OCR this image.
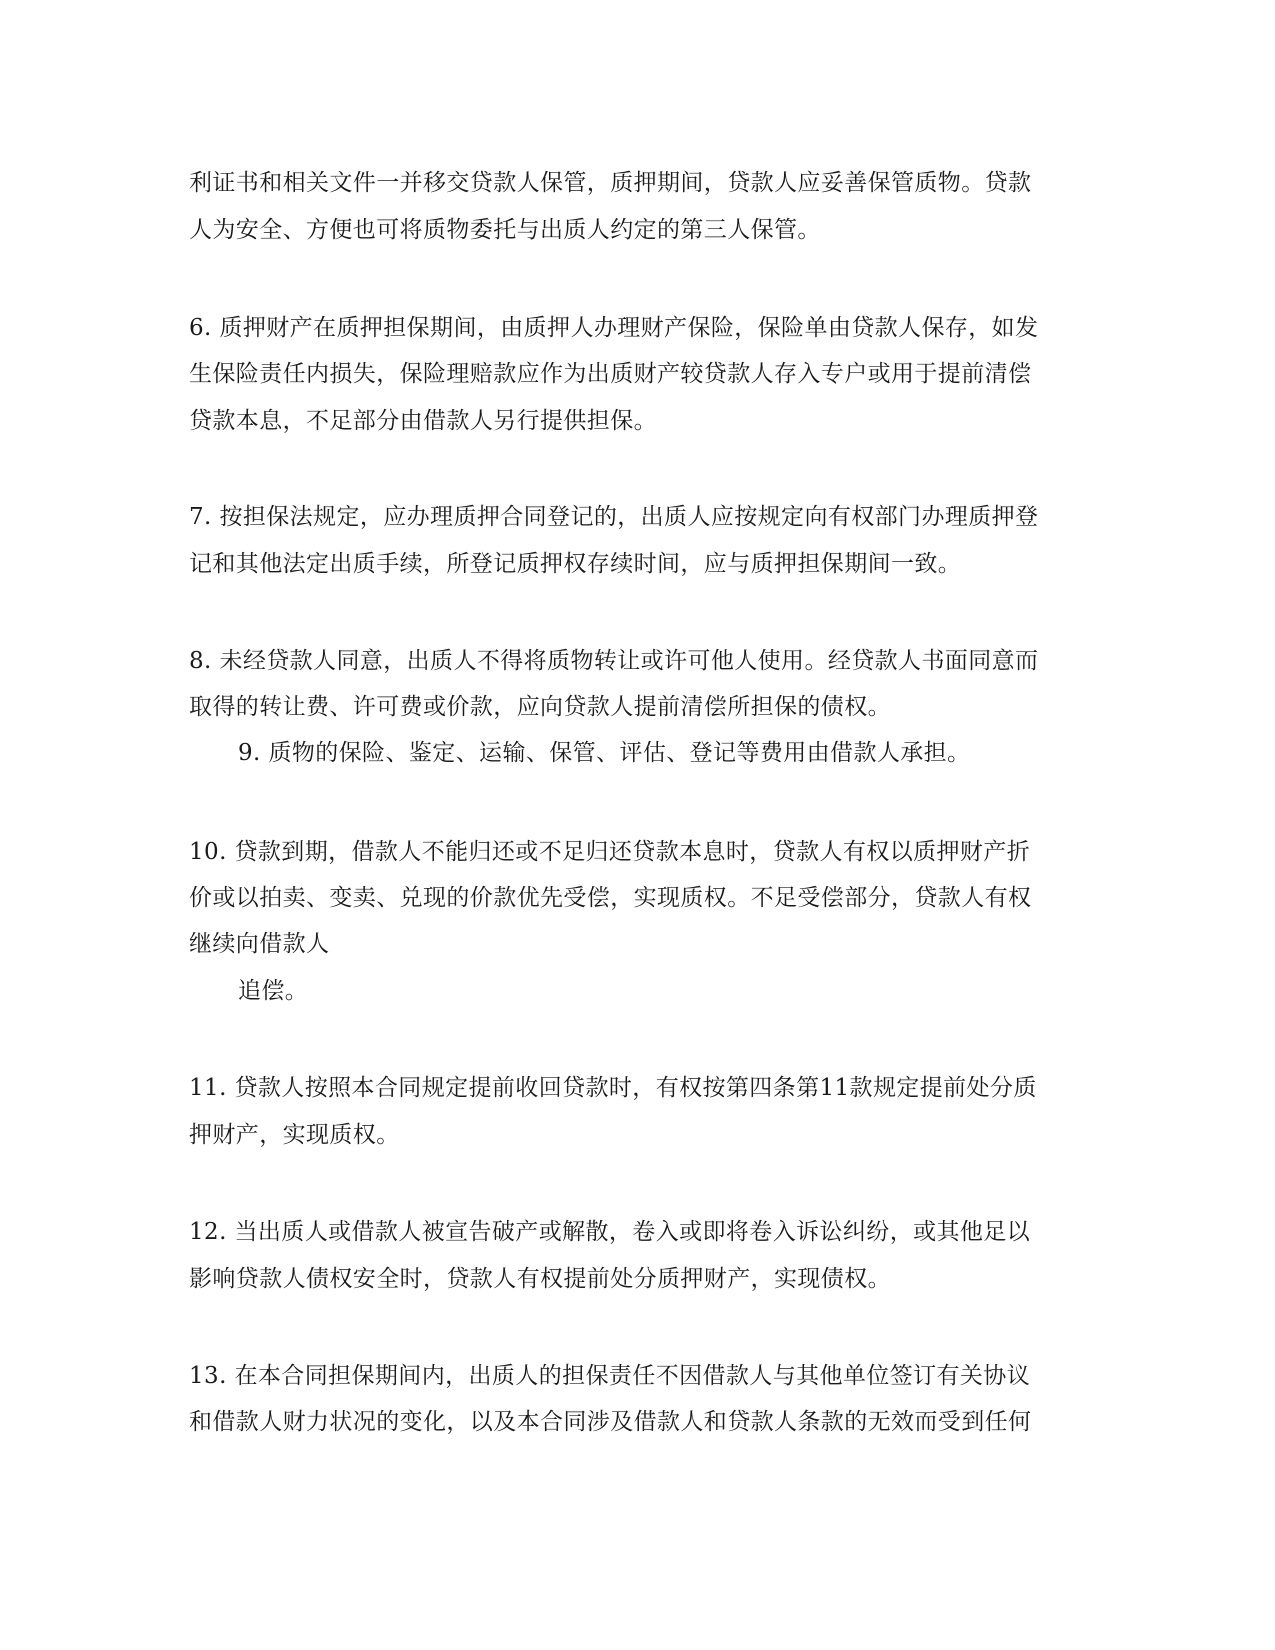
利证书和相关文件一并移交贷款人保管，质押期间，贷款人应妥善保管质物。贷款
人为安全、方便也可将质物委托与出质人约定的第三人保管。
6. 质押财产在质押担保期间，由质押人办理财产保险，保险单由贷款人保存，如发
生保险责任内损失，保险理赔款应作为出质财产较贷款人存入专户或用于提前清偿
贷款本息，不足部分由借款人另行提供担保。
7. 按担保法规定，应办理质押合同登记的，出质人应按规定向有权部门办理质押登
记和其他法定出质手续，所登记质押权存续时间，应与质押担保期间一致。
8. 未经贷款人同意，出质人不得将质物转让或许可他人使用。经贷款人书面同意而
取得的转让费、许可费或价款，应向贷款人提前清偿所担保的债权。
9. 质物的保险、鉴定、运输、保管、评估、登记等费用由借款人承担。
10. 贷款到期，借款人不能归还或不足归还贷款本息时，贷款人有权以质押财产折
价或以拍卖、变卖、兑现的价款优先受偿，实现质权。不足受偿部分，贷款人有权
继续向借款人
追偿。
11. 贷款人按照本合同规定提前收回贷款时，有权按第四条第11款规定提前处分质
押财产，实现质权。
12. 当出质人或借款人被宣告破产或解散，卷入或即将卷入诉讼纠纷，或其他足以
影响贷款人债权安全时，贷款人有权提前处分质押财产，实现债权。
13. 在本合同担保期间内，出质人的担保责任不因借款人与其他单位签订有关协议
和借款人财力状况的变化，以及本合同涉及借款人和贷款人条款的无效而受到任何
